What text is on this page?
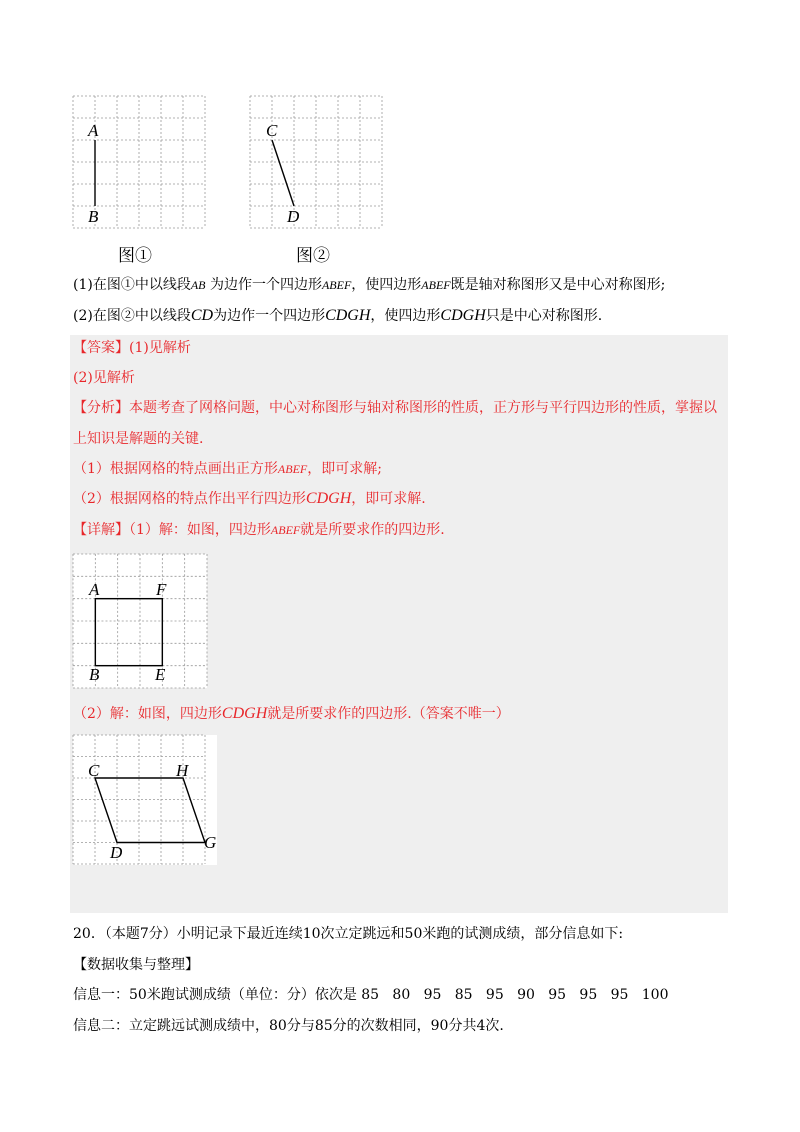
A
B
图①
C
D
图②
(1)在图①中以线段AB 为边作一个四边形ABEF，使四边形ABEF既是轴对称图形又是中心对称图形;
(2)在图②中以线段CD为边作一个四边形CDGH，使四边形CDGH只是中心对称图形.
【答案】(1)见解析
(2)见解析
【分析】本题考查了网格问题，中心对称图形与轴对称图形的性质，正方形与平行四边形的性质，掌握以
上知识是解题的关键.
（1）根据网格的特点画出正方形ABEF，即可求解;
（2）根据网格的特点作出平行四边形CDGH，即可求解.
【详解】（1）解：如图，四边形ABEF就是所要求作的四边形.
A	F
B	E
（2）解：如图，四边形CDGH就是所要求作的四边形.（答案不唯一）
C	H
D
G
20．（本题7分）小明记录下最近连续10次立定跳远和50米跑的试测成绩，部分信息如下:
【数据收集与整理】
信息一：50米跑试测成绩（单位：分）依次是 85   80   95   85   95   90   95   95   95   100
信息二：立定跳远试测成绩中，80分与85分的次数相同，90分共4次.
